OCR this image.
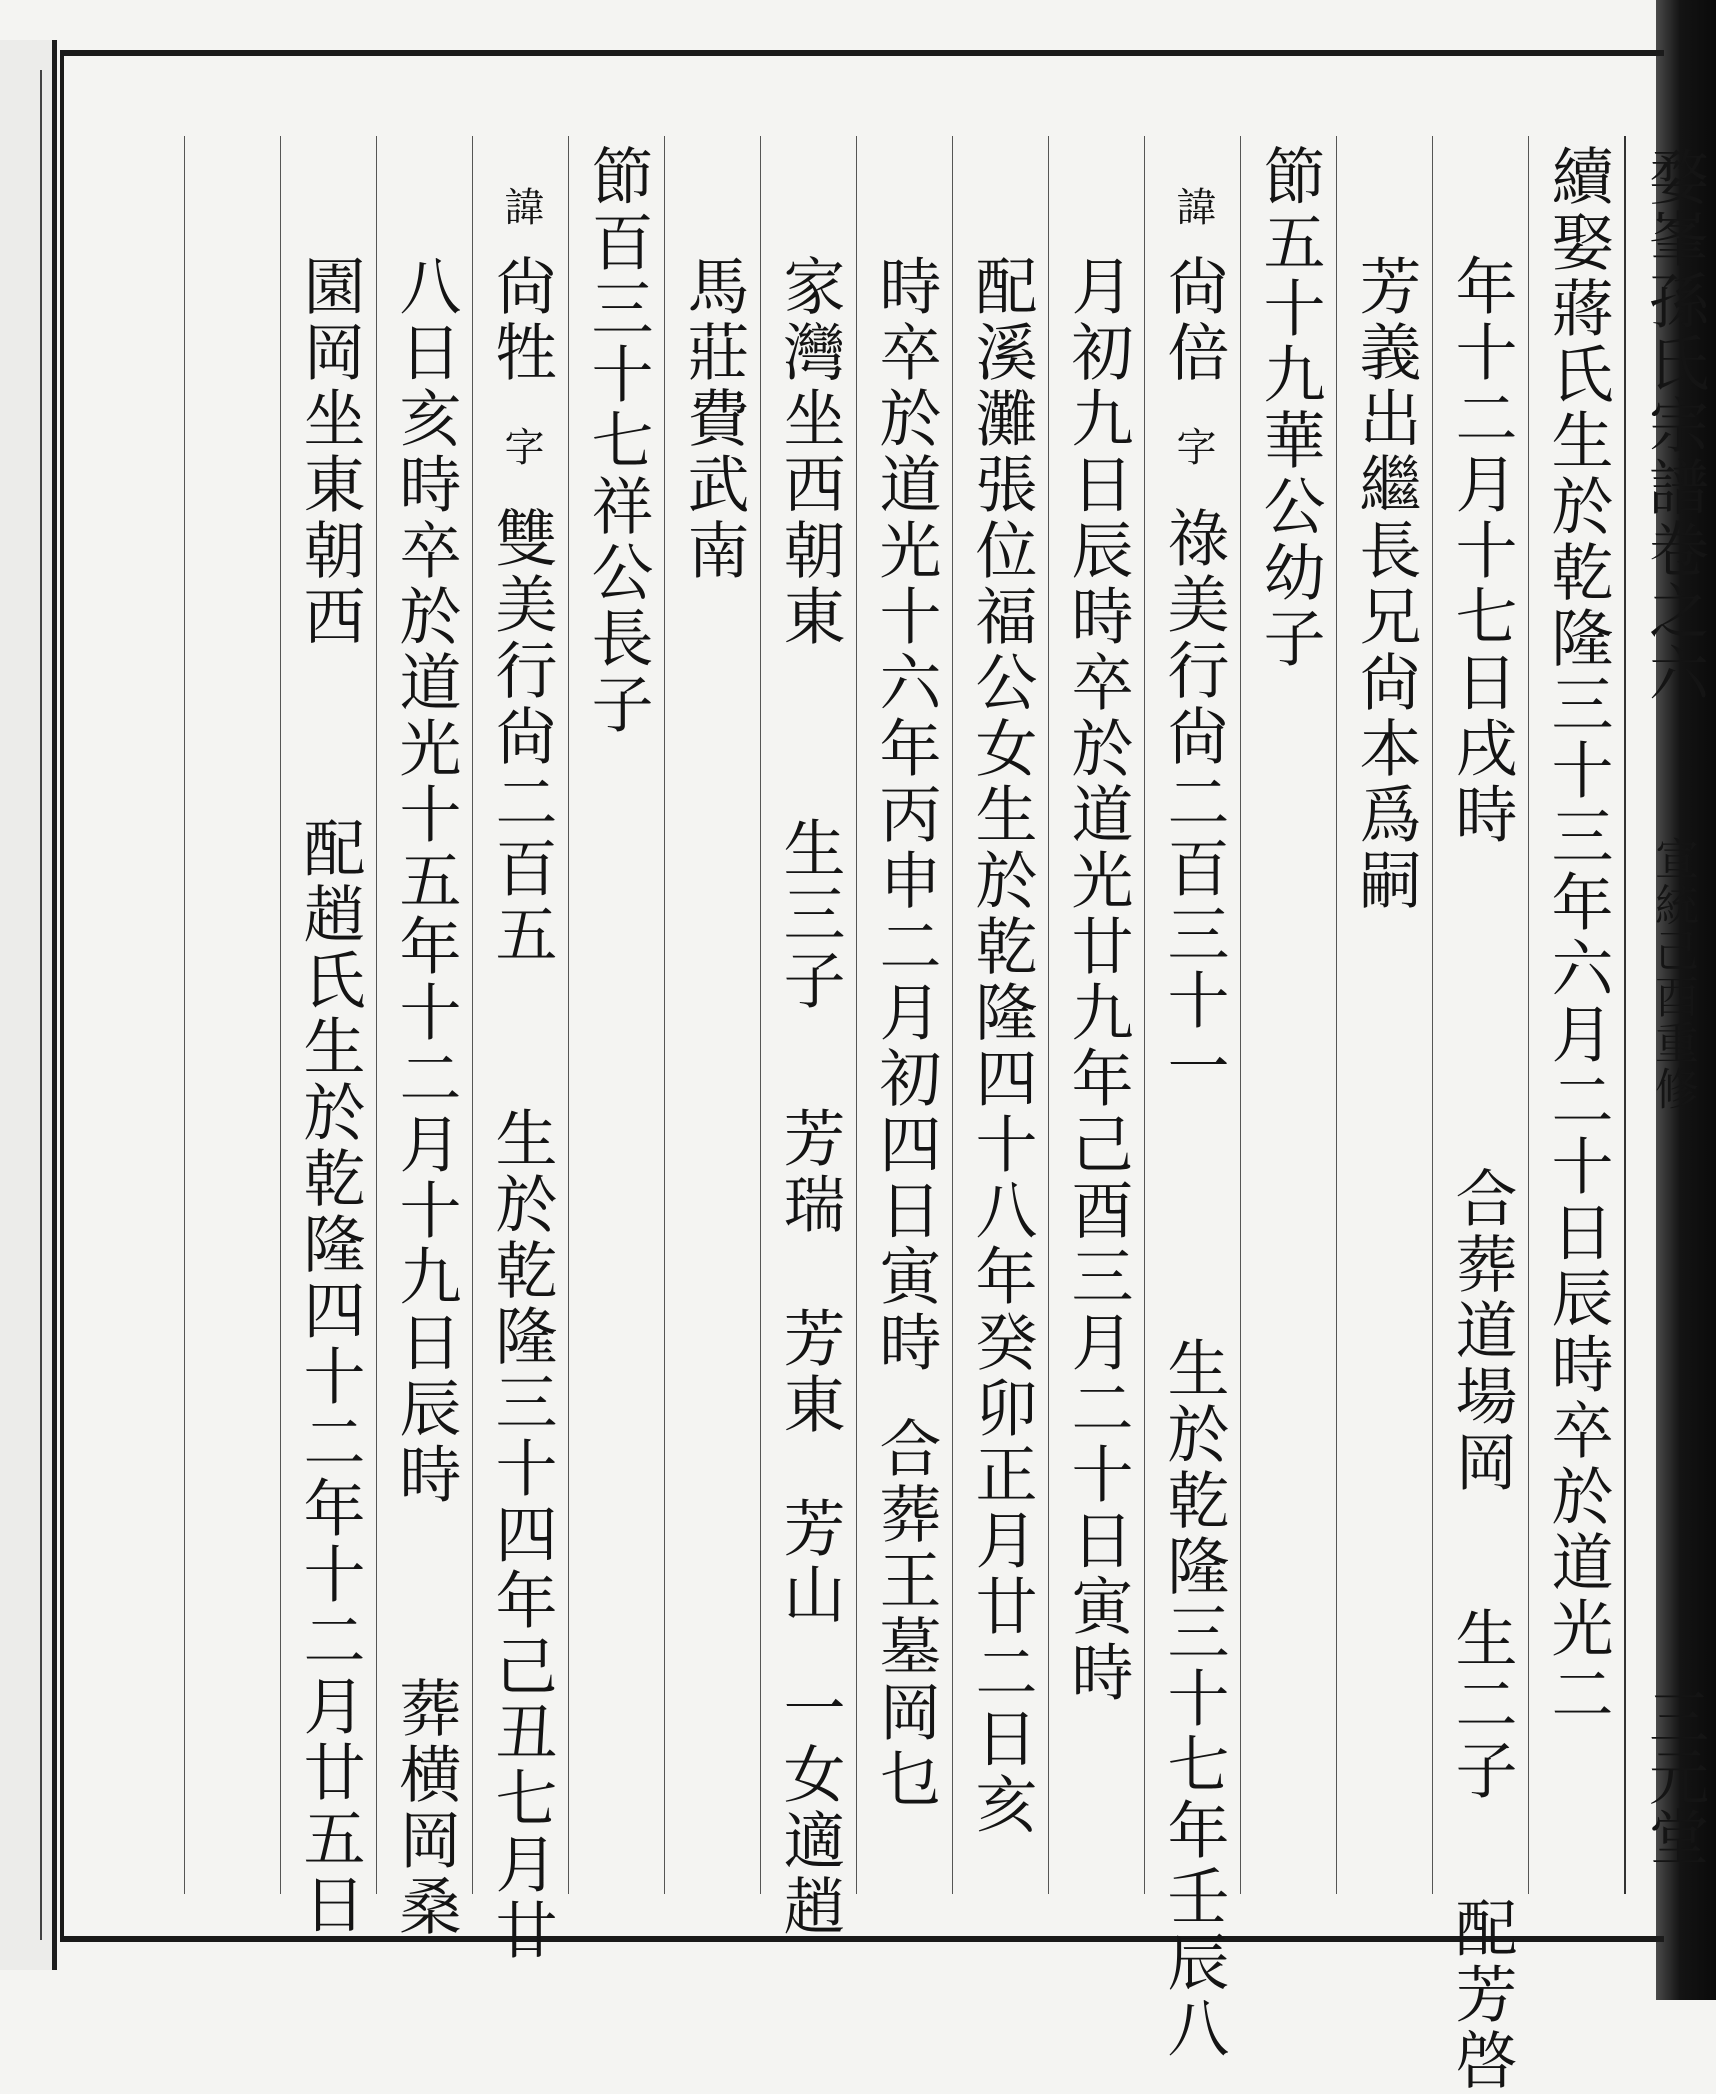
續娶蔣氏生於乾隆三十三年六月二十日辰時卒於道光二
年十二月十七日戌時
合葬道場岡
生二子
配芳啓
芳義出繼長兄尙本爲嗣
節五十九華公幼子
諱
尙倍
字
祿美行尙二百三十一
生於乾隆三十七年壬辰八
月初九日辰時卒於道光廿九年己酉三月二十日寅時
配溪灘張位福公女生於乾隆四十八年癸卯正月廿二日亥
時卒於道光十六年丙申二月初四日寅時
合葬王墓岡乜
家灣坐西朝東
生三子
芳瑞
芳東
芳山
一女適趙
馬莊費武南
節百三十七祥公長子
諱
尙牲
字
雙美行尙二百五
生於乾隆三十四年己丑七月廿
八日亥時卒於道光十五年十二月十九日辰時
葬横岡桑
園岡坐東朝西
配趙氏生於乾隆四十二年十二月廿五日
婺峯孫氏宗譜卷之六
宣統己酉重修
三元堂
